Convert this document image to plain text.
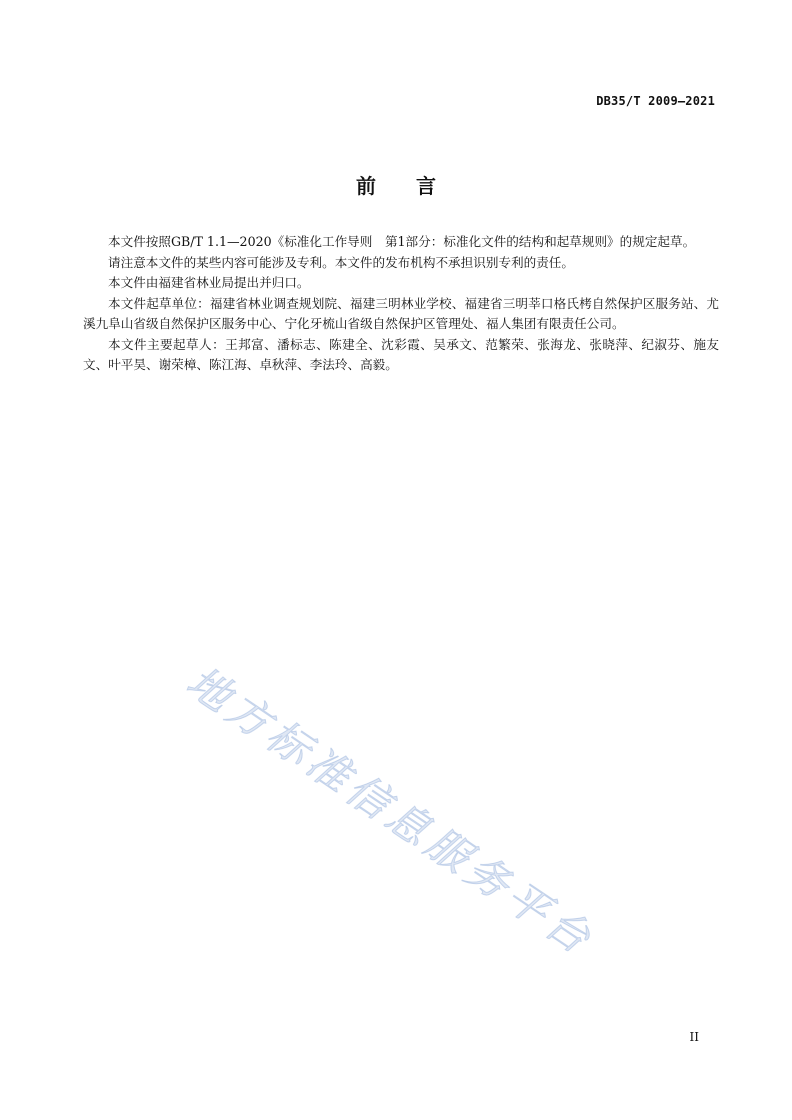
DB35/T 2009—2021
前言

本文件按照GB/T 1.1—2020《标准化工作导则　第1部分：标准化文件的结构和起草规则》的规定起草。

请注意本文件的某些内容可能涉及专利。本文件的发布机构不承担识别专利的责任。

本文件由福建省林业局提出并归口。

本文件起草单位：福建省林业调查规划院、福建三明林业学校、福建省三明莘口格氏栲自然保护区服务站、尤溪九阜山省级自然保护区服务中心、宁化牙梳山省级自然保护区管理处、福人集团有限责任公司。

本文件主要起草人：王邦富、潘标志、陈建全、沈彩霞、吴承文、范繁荣、张海龙、张晓萍、纪淑芬、施友文、叶平昊、谢荣樟、陈江海、卓秋萍、李法玲、高毅。

地方标准信息服务平台
II
